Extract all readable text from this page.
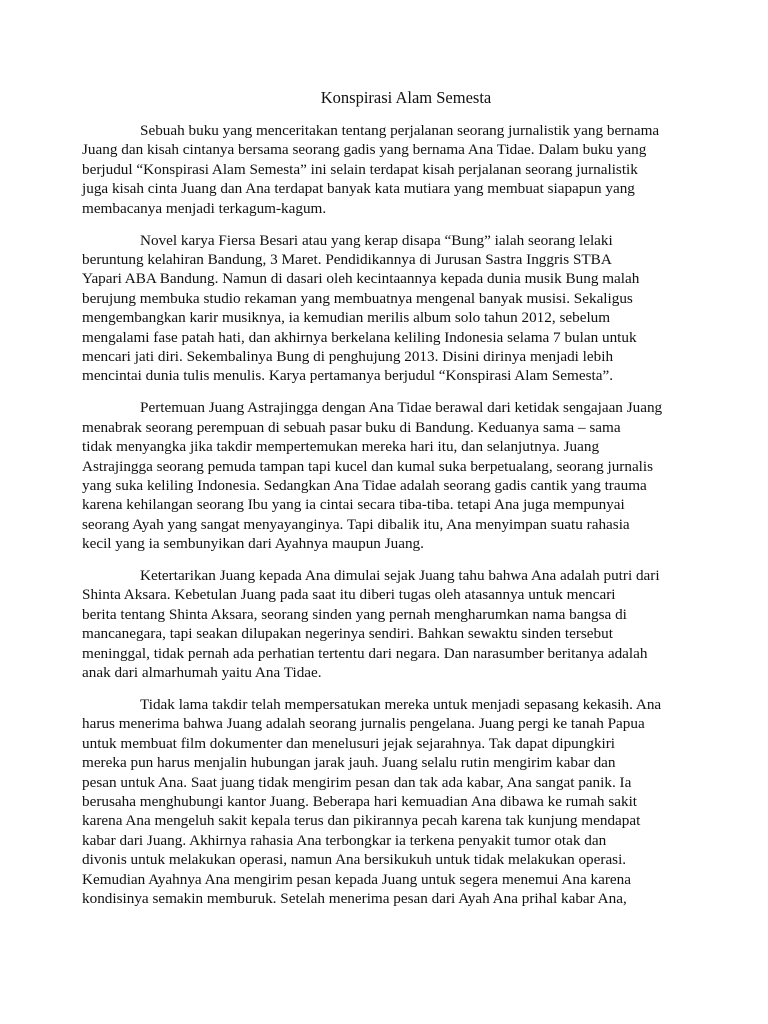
Konspirasi Alam Semesta

Sebuah buku yang menceritakan tentang perjalanan seorang jurnalistik yang bernama
Juang dan kisah cintanya bersama seorang gadis yang bernama Ana Tidae. Dalam buku yang
berjudul “Konspirasi Alam Semesta” ini selain terdapat kisah perjalanan seorang jurnalistik
juga kisah cinta Juang dan Ana terdapat banyak kata mutiara yang membuat siapapun yang
membacanya menjadi terkagum-kagum.

Novel karya Fiersa Besari atau yang kerap disapa “Bung” ialah seorang lelaki
beruntung kelahiran Bandung, 3 Maret. Pendidikannya di Jurusan Sastra Inggris STBA
Yapari ABA Bandung. Namun di dasari oleh kecintaannya kepada dunia musik Bung malah
berujung membuka studio rekaman yang membuatnya mengenal banyak musisi. Sekaligus
mengembangkan karir musiknya, ia kemudian merilis album solo tahun 2012, sebelum
mengalami fase patah hati, dan akhirnya berkelana keliling Indonesia selama 7 bulan untuk
mencari jati diri. Sekembalinya Bung di penghujung 2013. Disini dirinya menjadi lebih
mencintai dunia tulis menulis. Karya pertamanya berjudul “Konspirasi Alam Semesta”.

Pertemuan Juang Astrajingga dengan Ana Tidae berawal dari ketidak sengajaan Juang
menabrak seorang perempuan di sebuah pasar buku di Bandung. Keduanya sama – sama
tidak menyangka jika takdir mempertemukan mereka hari itu, dan selanjutnya. Juang
Astrajingga seorang pemuda tampan tapi kucel dan kumal suka berpetualang, seorang jurnalis
yang suka keliling Indonesia. Sedangkan Ana Tidae adalah seorang gadis cantik yang trauma
karena kehilangan seorang Ibu yang ia cintai secara tiba-tiba. tetapi Ana juga mempunyai
seorang Ayah yang sangat menyayanginya. Tapi dibalik itu, Ana menyimpan suatu rahasia
kecil yang ia sembunyikan dari Ayahnya maupun Juang.

Ketertarikan Juang kepada Ana dimulai sejak Juang tahu bahwa Ana adalah putri dari
Shinta Aksara. Kebetulan Juang pada saat itu diberi tugas oleh atasannya untuk mencari
berita tentang Shinta Aksara, seorang sinden yang pernah mengharumkan nama bangsa di
mancanegara, tapi seakan dilupakan negerinya sendiri. Bahkan sewaktu sinden tersebut
meninggal, tidak pernah ada perhatian tertentu dari negara. Dan narasumber beritanya adalah
anak dari almarhumah yaitu Ana Tidae.

Tidak lama takdir telah mempersatukan mereka untuk menjadi sepasang kekasih. Ana
harus menerima bahwa Juang adalah seorang jurnalis pengelana. Juang pergi ke tanah Papua
untuk membuat film dokumenter dan menelusuri jejak sejarahnya. Tak dapat dipungkiri
mereka pun harus menjalin hubungan jarak jauh. Juang selalu rutin mengirim kabar dan
pesan untuk Ana. Saat juang tidak mengirim pesan dan tak ada kabar, Ana sangat panik. Ia
berusaha menghubungi kantor Juang. Beberapa hari kemuadian Ana dibawa ke rumah sakit
karena Ana mengeluh sakit kepala terus dan pikirannya pecah karena tak kunjung mendapat
kabar dari Juang. Akhirnya rahasia Ana terbongkar ia terkena penyakit tumor otak dan
divonis untuk melakukan operasi, namun Ana bersikukuh untuk tidak melakukan operasi.
Kemudian Ayahnya Ana mengirim pesan kepada Juang untuk segera menemui Ana karena
kondisinya semakin memburuk. Setelah menerima pesan dari Ayah Ana prihal kabar Ana,
